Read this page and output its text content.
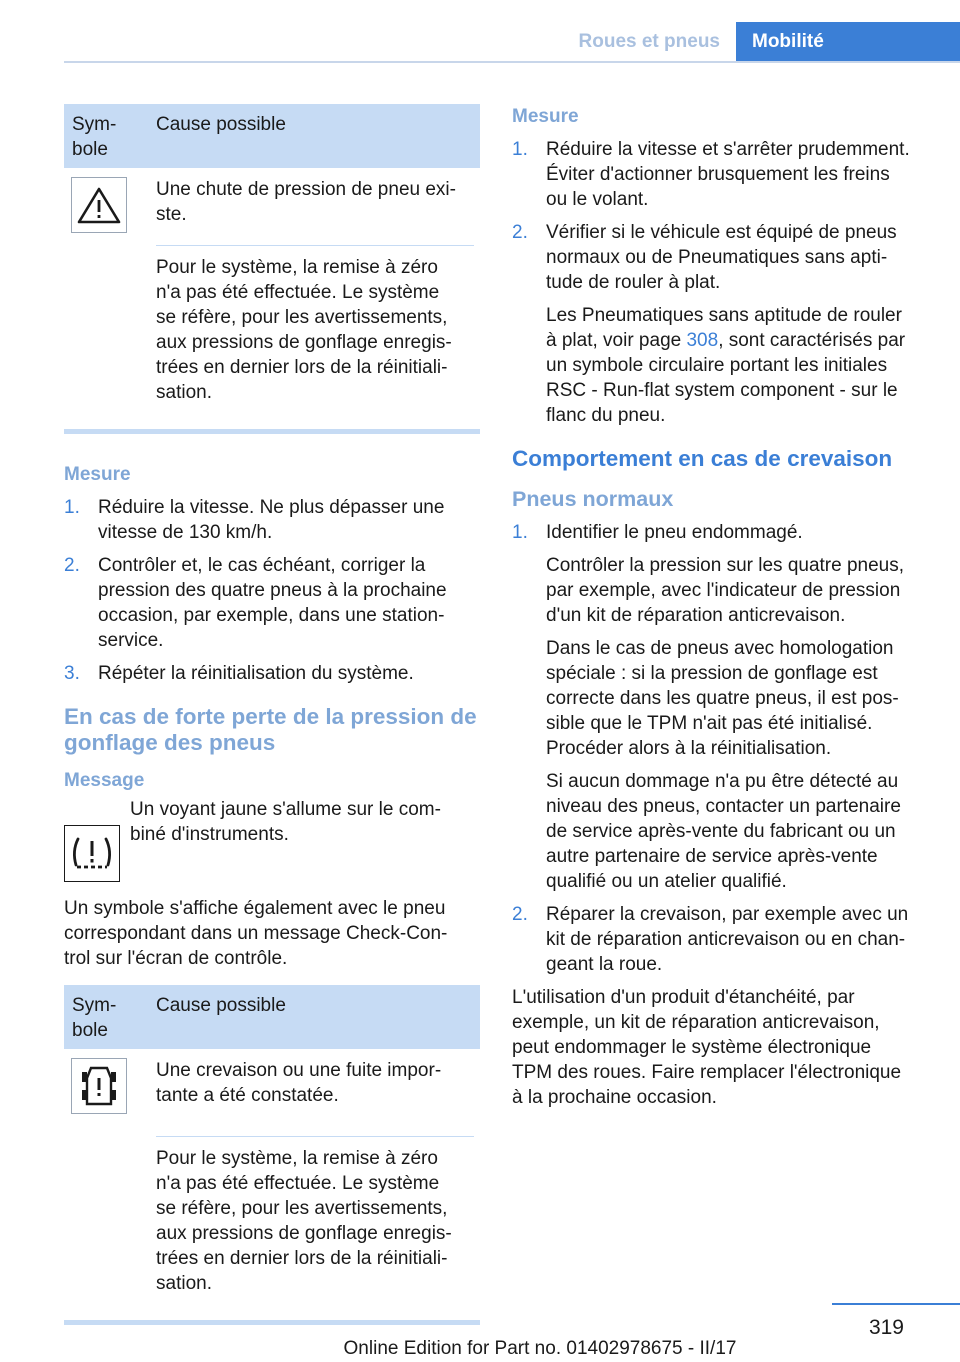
Roues et pneus	Mobilité
Sym-
bole
Cause possible
Une chute de pression de pneu exi-
ste.
Pour le système, la remise à zéro
n'a pas été effectuée. Le système
se réfère, pour les avertissements,
aux pressions de gonflage enregis-
trées en dernier lors de la réinitiali-
sation.
Mesure
1. Réduire la vitesse. Ne plus dépasser une
vitesse de 130 km/h.

2. Contrôler et, le cas échéant, corriger la
pression des quatre pneus à la prochaine
occasion, par exemple, dans une station-
service.

3. Répéter la réinitialisation du système.

En cas de forte perte de la pression de
gonflage des pneus
Message

Un voyant jaune s'allume sur le com-
biné d'instruments.

Un symbole s'affiche également avec le pneu
correspondant dans un message Check-Con-
trol sur l'écran de contrôle.

Sym-
bole
Cause possible
Une crevaison ou une fuite impor-
tante a été constatée.
Pour le système, la remise à zéro
n'a pas été effectuée. Le système
se réfère, pour les avertissements,
aux pressions de gonflage enregis-
trées en dernier lors de la réinitiali-
sation.
Mesure
1. Réduire la vitesse et s'arrêter prudemment.
Éviter d'actionner brusquement les freins
ou le volant.

2. Vérifier si le véhicule est équipé de pneus
normaux ou de Pneumatiques sans apti-
tude de rouler à plat.

Les Pneumatiques sans aptitude de rouler
à plat, voir page 308, sont caractérisés par
un symbole circulaire portant les initiales
RSC - Run-flat system component - sur le
flanc du pneu.

Comportement en cas de crevaison
Pneus normaux
1. Identifier le pneu endommagé.

Contrôler la pression sur les quatre pneus,
par exemple, avec l'indicateur de pression
d'un kit de réparation anticrevaison.

Dans le cas de pneus avec homologation
spéciale : si la pression de gonflage est
correcte dans les quatre pneus, il est pos-
sible que le TPM n'ait pas été initialisé.
Procéder alors à la réinitialisation.

Si aucun dommage n'a pu être détecté au
niveau des pneus, contacter un partenaire
de service après-vente du fabricant ou un
autre partenaire de service après-vente
qualifié ou un atelier qualifié.

2. Réparer la crevaison, par exemple avec un
kit de réparation anticrevaison ou en chan-
geant la roue.

L'utilisation d'un produit d'étanchéité, par
exemple, un kit de réparation anticrevaison,
peut endommager le système électronique
TPM des roues. Faire remplacer l'électronique
à la prochaine occasion.

319
Online Edition for Part no. 01402978675 - II/17
